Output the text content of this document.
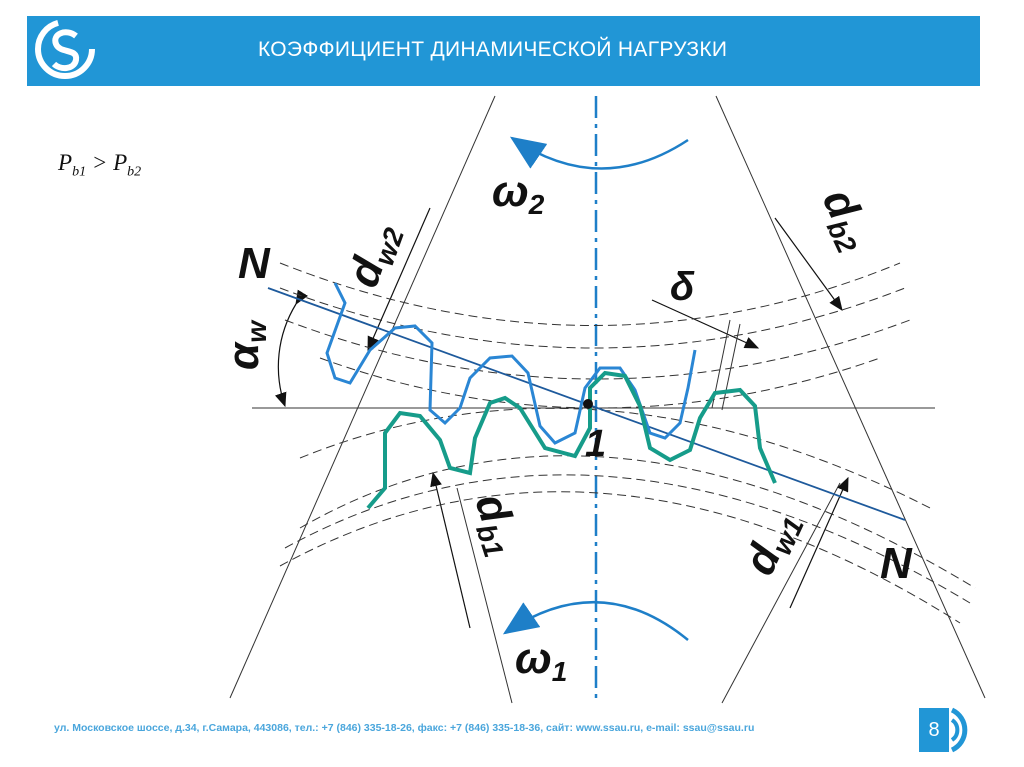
КОЭФФИЦИЕНТ ДИНАМИЧЕСКОЙ НАГРУЗКИ
$P_{b1} > P_{b2}$	ω2
ω1
N
N
1
δ
dw2
db2
db1	dw1
αw
ул. Московское шоссе, д.34, г.Самара, 443086, тел.: +7 (846) 335-18-26, факс: +7 (846) 335-18-36, сайт: www.ssau.ru, e-mail: ssau@ssau.ru	8
